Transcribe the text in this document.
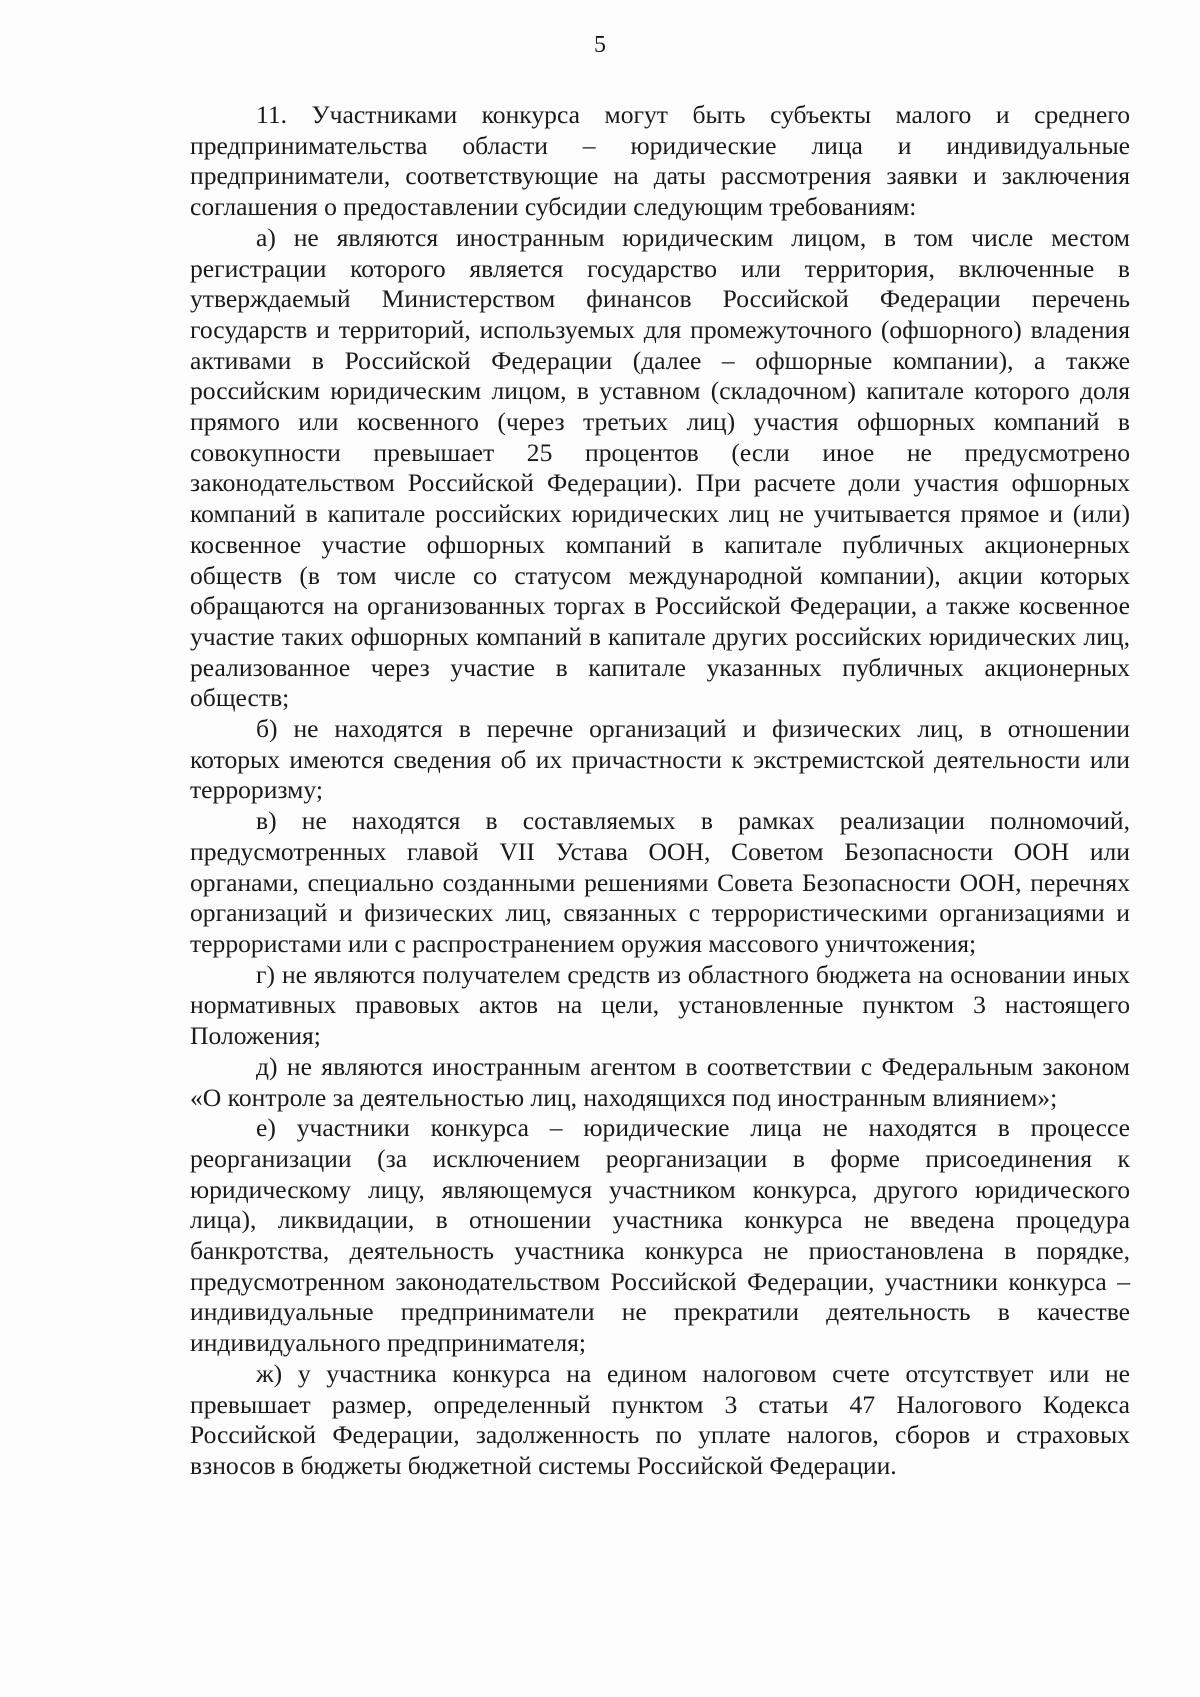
5

11. Участниками конкурса могут быть субъекты малого и среднего предпринимательства области – юридические лица и индивидуальные предприниматели, соответствующие на даты рассмотрения заявки и заключения соглашения о предоставлении субсидии следующим требованиям:

а) не являются иностранным юридическим лицом, в том числе местом регистрации которого является государство или территория, включенные в утверждаемый Министерством финансов Российской Федерации перечень государств и территорий, используемых для промежуточного (офшорного) владения активами в Российской Федерации (далее – офшорные компании), а также российским юридическим лицом, в уставном (складочном) капитале которого доля прямого или косвенного (через третьих лиц) участия офшорных компаний в совокупности превышает 25 процентов (если иное не предусмотрено законодательством Российской Федерации). При расчете доли участия офшорных компаний в капитале российских юридических лиц не учитывается прямое и (или) косвенное участие офшорных компаний в капитале публичных акционерных обществ (в том числе со статусом международной компании), акции которых обращаются на организованных торгах в Российской Федерации, а также косвенное участие таких офшорных компаний в капитале других российских юридических лиц, реализованное через участие в капитале указанных публичных акционерных обществ;

б) не находятся в перечне организаций и физических лиц, в отношении которых имеются сведения об их причастности к экстремистской деятельности или терроризму;

в) не находятся в составляемых в рамках реализации полномочий, предусмотренных главой VII Устава ООН, Советом Безопасности ООН или органами, специально созданными решениями Совета Безопасности ООН, перечнях организаций и физических лиц, связанных с террористическими организациями и террористами или с распространением оружия массового уничтожения;

г) не являются получателем средств из областного бюджета на основании иных нормативных правовых актов на цели, установленные пунктом 3 настоящего Положения;

д) не являются иностранным агентом в соответствии с Федеральным законом «О контроле за деятельностью лиц, находящихся под иностранным влиянием»;

е) участники конкурса – юридические лица не находятся в процессе реорганизации (за исключением реорганизации в форме присоединения к юридическому лицу, являющемуся участником конкурса, другого юридического лица), ликвидации, в отношении участника конкурса не введена процедура банкротства, деятельность участника конкурса не приостановлена в порядке, предусмотренном законодательством Российской Федерации, участники конкурса – индивидуальные предприниматели не прекратили деятельность в качестве индивидуального предпринимателя;

ж) у участника конкурса на едином налоговом счете отсутствует или не превышает размер, определенный пунктом 3 статьи 47 Налогового Кодекса Российской Федерации, задолженность по уплате налогов, сборов и страховых взносов в бюджеты бюджетной системы Российской Федерации.
